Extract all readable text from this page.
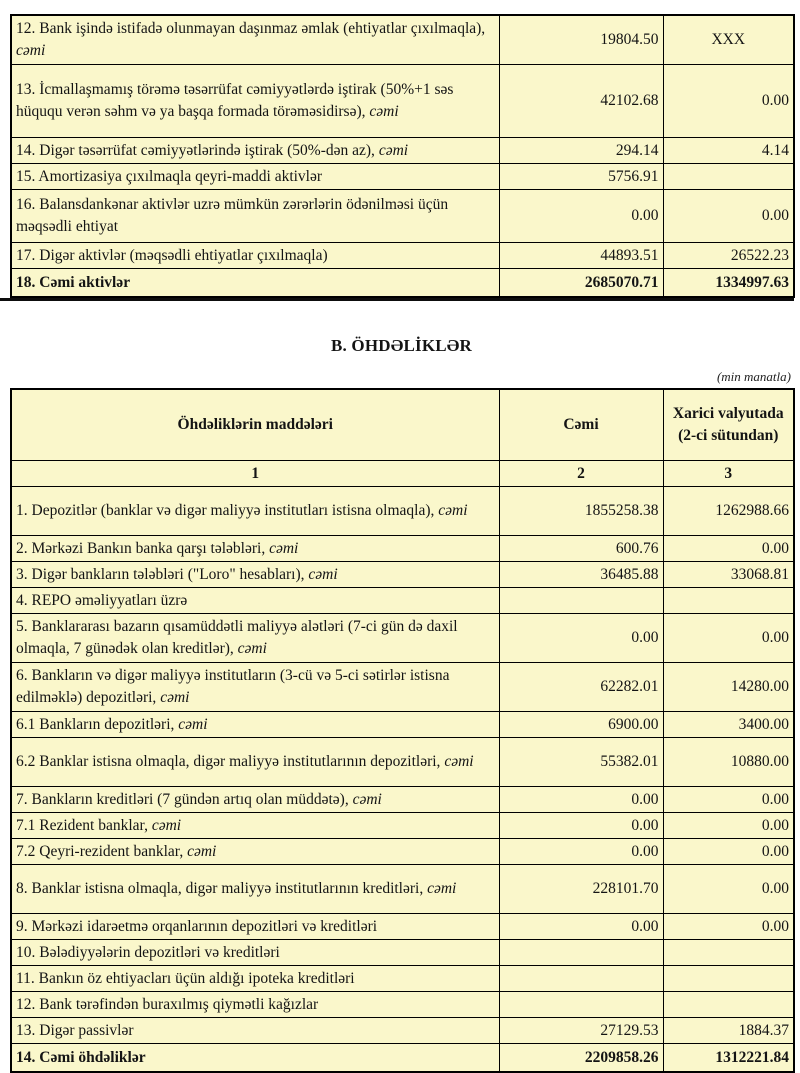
12. Bank işində istifadə olunmayan daşınmaz əmlak (ehtiyatlar çıxılmaqla), cəmi	19804.50	XXX
13. İcmallaşmamış törəmə təsərrüfat cəmiyyətlərdə iştirak (50%+1 səs hüququ verən səhm və ya başqa formada törəməsidirsə), cəmi	42102.68	0.00
14. Digər təsərrüfat cəmiyyətlərində iştirak (50%-dən az), cəmi	294.14	4.14
15. Amortizasiya çıxılmaqla qeyri-maddi aktivlər	5756.91	
16. Balansdankənar aktivlər uzrə mümkün zərərlərin ödənilməsi üçün məqsədli ehtiyat	0.00	0.00
17. Digər aktivlər (məqsədli ehtiyatlar çıxılmaqla)	44893.51	26522.23
18. Cəmi aktivlər	2685070.71	1334997.63
B. ÖHDƏLİKLƏR
(min manatla)
Öhdəliklərin maddələri	Cəmi	Xarici valyutada (2-ci sütundan)
1	2	3
1. Depozitlər (banklar və digər maliyyə institutları istisna olmaqla), cəmi	1855258.38	1262988.66
2. Mərkəzi Bankın banka qarşı tələbləri, cəmi	600.76	0.00
3. Digər bankların tələbləri ("Loro" hesabları), cəmi	36485.88	33068.81
4. REPO əməliyyatları üzrə		
5. Banklararası bazarın qısamüddətli maliyyə alətləri (7-ci gün də daxil olmaqla, 7 günədək olan kreditlər), cəmi	0.00	0.00
6. Bankların və digər maliyyə institutların (3-cü və 5-ci sətirlər istisna edilməklə) depozitləri, cəmi	62282.01	14280.00
6.1 Bankların depozitləri, cəmi	6900.00	3400.00
6.2 Banklar istisna olmaqla, digər maliyyə institutlarının depozitləri, cəmi	55382.01	10880.00
7. Bankların kreditləri (7 gündən artıq olan müddətə), cəmi	0.00	0.00
7.1 Rezident banklar, cəmi	0.00	0.00
7.2 Qeyri-rezident banklar, cəmi	0.00	0.00
8. Banklar istisna olmaqla, digər maliyyə institutlarının kreditləri, cəmi	228101.70	0.00
9. Mərkəzi idarəetmə orqanlarının depozitləri və kreditləri	0.00	0.00
10. Bələdiyyələrin depozitləri və kreditləri		
11. Bankın öz ehtiyacları üçün aldığı ipoteka kreditləri		
12. Bank tərəfindən buraxılmış qiymətli kağızlar		
13. Digər passivlər	27129.53	1884.37
14. Cəmi öhdəliklər	2209858.26	1312221.84
